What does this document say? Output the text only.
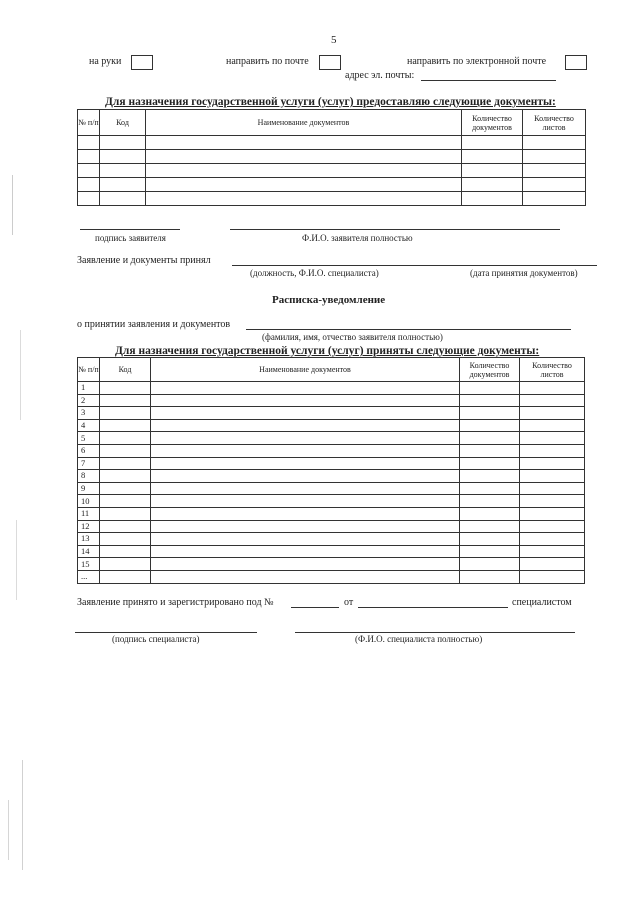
5
на руки	направить по почте	направить по электронной почте
адрес эл. почты:
Для назначения государственной услуги (услуг) предоставляю следующие документы:
№ п/п	Код	Наименование документов	Количество документов	Количество листов

подпись заявителя	Ф.И.О. заявителя полностью
Заявление и документы принял
(должность, Ф.И.О. специалиста)	(дата принятия документов)
Расписка-уведомление
о принятии заявления и документов
(фамилия, имя, отчество заявителя полностью)
Для назначения государственной услуги (услуг) приняты следующие документы:
№ п/п	Код	Наименование документов	Количество документов	Количество листов
1				
2				
3				
4				
5				
6				
7				
8				
9				
10				
11				
12				
13				
14				
15				
...				
Заявление принято и зарегистрировано под №	от	специалистом
(подпись специалиста)	(Ф.И.О. специалиста полностью)
